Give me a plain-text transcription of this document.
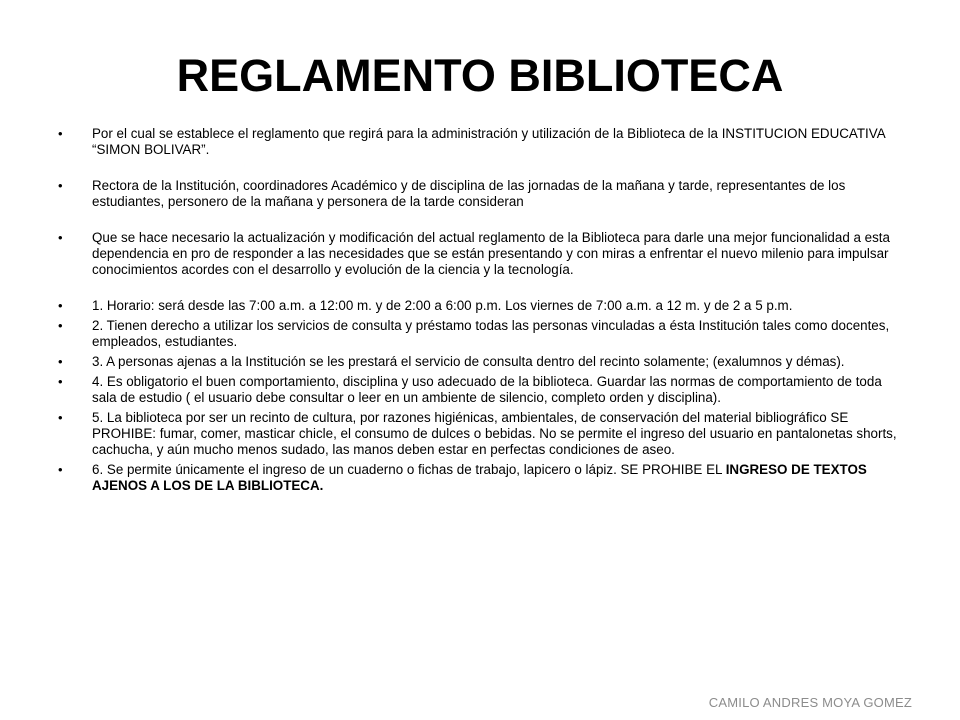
REGLAMENTO BIBLIOTECA
•	Por el cual se establece el reglamento que regirá para la administración y utilización de la Biblioteca de la INSTITUCION EDUCATIVA “SIMON BOLIVAR”.
•	Rectora de la Institución, coordinadores Académico y de disciplina de las jornadas de la mañana y tarde, representantes de los estudiantes, personero de la mañana y personera de la tarde consideran
•	Que se hace necesario la actualización y modificación del actual reglamento de la Biblioteca para darle una mejor funcionalidad a esta dependencia en pro de responder a las necesidades que se están presentando y con miras a enfrentar el nuevo milenio para impulsar conocimientos acordes con el desarrollo y evolución de la ciencia y la tecnología.
•	1. Horario: será desde las 7:00 a.m. a 12:00 m. y de 2:00 a 6:00 p.m. Los viernes de 7:00 a.m. a 12 m. y de 2 a 5 p.m.
•	2. Tienen derecho a utilizar los servicios de consulta y préstamo todas las personas vinculadas a ésta Institución tales como docentes, empleados, estudiantes.
•	3. A personas ajenas a la Institución se les prestará el servicio de consulta dentro del recinto solamente; (exalumnos y démas).
•	4. Es obligatorio el buen comportamiento, disciplina y uso adecuado de la biblioteca. Guardar las normas de comportamiento de toda sala de estudio ( el usuario debe consultar o leer en un ambiente de silencio, completo orden y disciplina).
•	5. La biblioteca por ser un recinto de cultura, por razones higiénicas, ambientales, de conservación del material bibliográfico SE PROHIBE: fumar, comer, masticar chicle, el consumo de dulces o bebidas. No se permite el ingreso del usuario en pantalonetas shorts, cachucha, y aún mucho menos sudado, las manos deben estar en perfectas condiciones de aseo.
•	6. Se permite únicamente el ingreso de un cuaderno o fichas de trabajo, lapicero o lápiz. SE PROHIBE EL INGRESO DE TEXTOS AJENOS A LOS DE LA BIBLIOTECA.
CAMILO ANDRES MOYA GOMEZ
